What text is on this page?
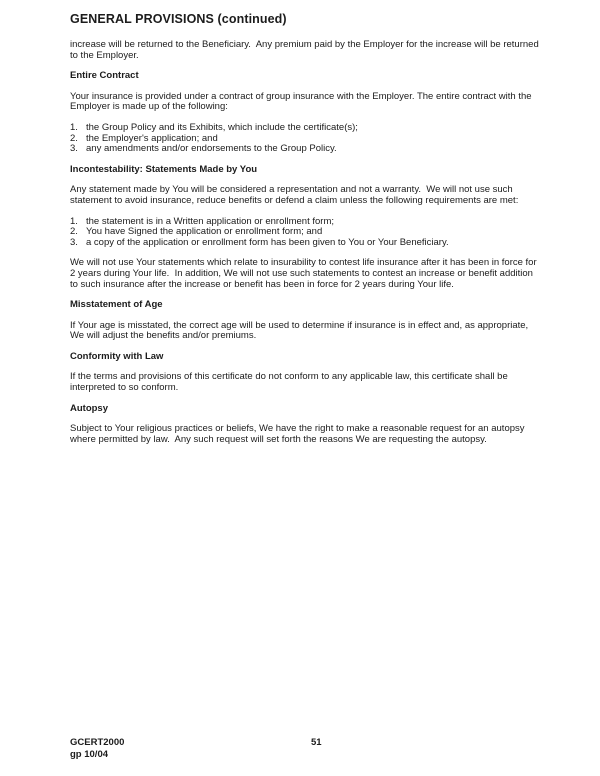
GENERAL PROVISIONS (continued)

increase will be returned to the Beneficiary.  Any premium paid by the Employer for the increase will be returned to the Employer.

Entire Contract

Your insurance is provided under a contract of group insurance with the Employer. The entire contract with the Employer is made up of the following:

1. the Group Policy and its Exhibits, which include the certificate(s);
2. the Employer's application; and
3. any amendments and/or endorsements to the Group Policy.
Incontestability: Statements Made by You

Any statement made by You will be considered a representation and not a warranty.  We will not use such statement to avoid insurance, reduce benefits or defend a claim unless the following requirements are met:

1. the statement is in a Written application or enrollment form;
2. You have Signed the application or enrollment form; and
3. a copy of the application or enrollment form has been given to You or Your Beneficiary.

We will not use Your statements which relate to insurability to contest life insurance after it has been in force for 2 years during Your life.  In addition, We will not use such statements to contest an increase or benefit addition to such insurance after the increase or benefit has been in force for 2 years during Your life.

Misstatement of Age

If Your age is misstated, the correct age will be used to determine if insurance is in effect and, as appropriate, We will adjust the benefits and/or premiums.

Conformity with Law

If the terms and provisions of this certificate do not conform to any applicable law, this certificate shall be interpreted to so conform.

Autopsy

Subject to Your religious practices or beliefs, We have the right to make a reasonable request for an autopsy where permitted by law.  Any such request will set forth the reasons We are requesting the autopsy.

GCERT2000
gp 10/04
51
